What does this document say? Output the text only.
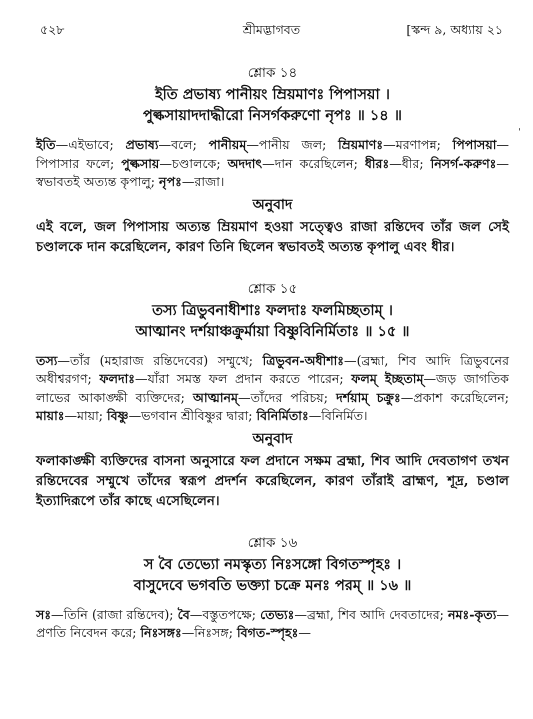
৫২৮	শ্রীমদ্ভাগবত	[স্কন্দ ৯, অধ্যায় ২১
ˈ

শ্লোক ১৪

ইতি প্রভাষ্য পানীয়ং ম্রিয়মাণঃ পিপাসয়া ।

পুল্কসায়াদদাদ্ধীরো নিসর্গকরুণো নৃপঃ ॥ ১৪ ॥

ইতি—এইভাবে; প্রভাষ্য—বলে; পানীয়ম্—পানীয় জল; ম্রিয়মাণঃ—মরণাপন্ন; পিপাসয়া—পিপাসার ফলে; পুল্কসায়—চণ্ডালকে; অদদাৎ—দান করেছিলেন; ধীরঃ—ধীর; নিসর্গ-করুণঃ—স্বভাবতই অত্যন্ত কৃপালু; নৃপঃ—রাজা।

অনুবাদ

এই বলে, জল পিপাসায় অত্যন্ত ম্রিয়মাণ হওয়া সত্ত্বেও রাজা রন্তিদেব তাঁর জল সেই চণ্ডালকে দান করেছিলেন, কারণ তিনি ছিলেন স্বভাবতই অত্যন্ত কৃপালু এবং ধীর।

শ্লোক ১৫

তস্য ত্রিভুবনাধীশাঃ ফলদাঃ ফলমিচ্ছতাম্ ।

আত্মানং দর্শয়াঞ্চক্রুর্মায়া বিষ্ণুবিনির্মিতাঃ ॥ ১৫ ॥

তস্য—তাঁর (মহারাজ রন্তিদেবের) সম্মুখে; ত্রিভুবন-অধীশাঃ—(ব্রহ্মা, শিব আদি ত্রিভুবনের অধীশ্বরগণ; ফলদাঃ—যাঁরা সমস্ত ফল প্রদান করতে পারেন; ফলম্ ইচ্ছতাম্—জড় জাগতিক লাভের আকাঙ্ক্ষী ব্যক্তিদের; আত্মানম্—তাঁদের পরিচয়; দর্শয়াম্ চক্রুঃ—প্রকাশ করেছিলেন; মায়াঃ—মায়া; বিষ্ণু—ভগবান শ্রীবিষ্ণুর দ্বারা; বিনির্মিতাঃ—বিনির্মিত।

অনুবাদ

ফলাকাঙ্ক্ষী ব্যক্তিদের বাসনা অনুসারে ফল প্রদানে সক্ষম ব্রহ্মা, শিব আদি দেবতাগণ তখন রন্তিদেবের সম্মুখে তাঁদের স্বরূপ প্রদর্শন করেছিলেন, কারণ তাঁরাই ব্রাহ্মণ, শূদ্র, চণ্ডাল ইত্যাদিরূপে তাঁর কাছে এসেছিলেন।

শ্লোক ১৬

স বৈ তেভ্যো নমস্কৃত্য নিঃসঙ্গো বিগতস্পৃহঃ ।

বাসুদেবে ভগবতি ভক্ত্যা চক্রে মনঃ পরম্ ॥ ১৬ ॥

সঃ—তিনি (রাজা রন্তিদেব); বৈ—বস্তুতপক্ষে; তেভ্যঃ—ব্রহ্মা, শিব আদি দেবতাদের; নমঃ-কৃত্য—প্রণতি নিবেদন করে; নিঃসঙ্গঃ—নিঃসঙ্গ; বিগত-স্পৃহঃ—
